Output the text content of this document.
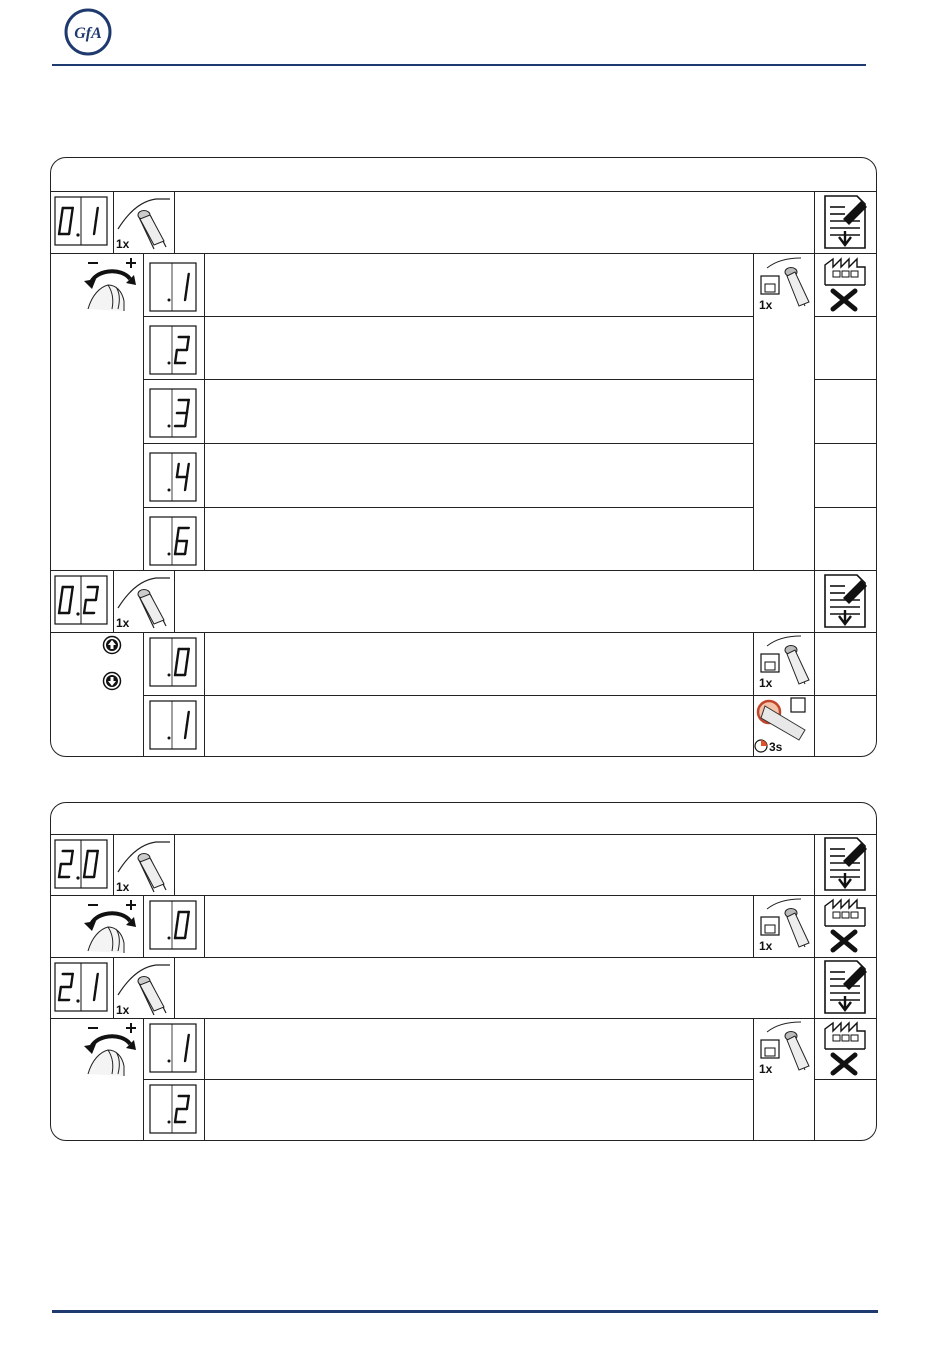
GfA
1x
1x
1x
1x
3s
1x
1x
1x
1x
